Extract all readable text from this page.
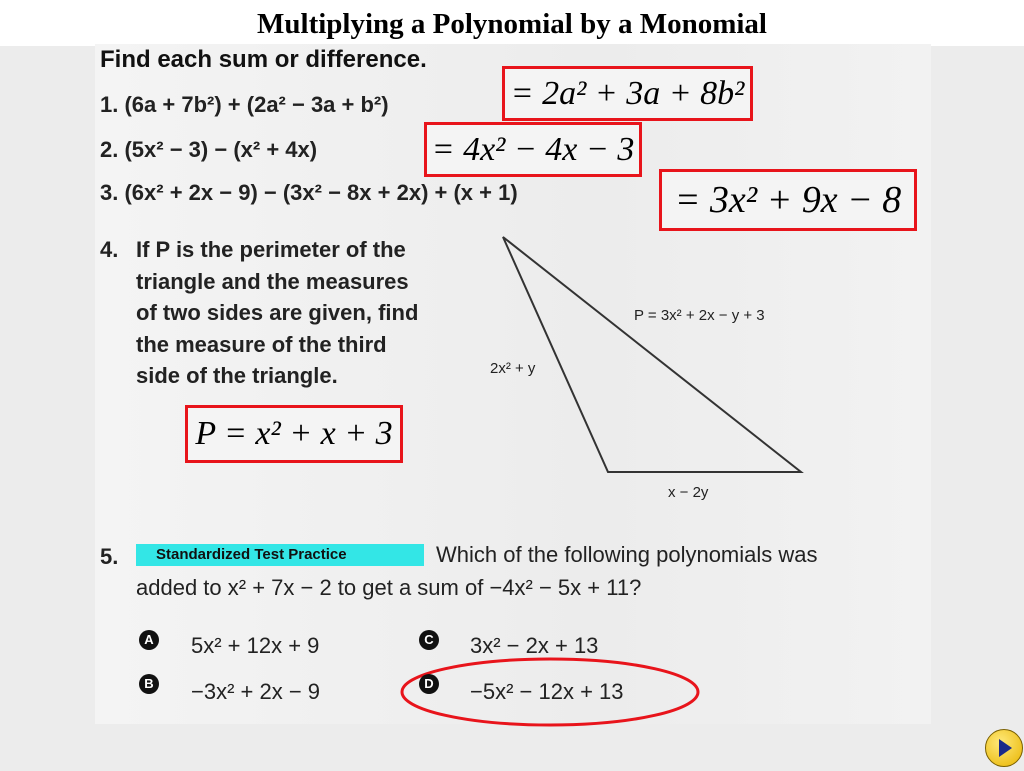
Multiplying a Polynomial by a Monomial
Find each sum or difference.
1. (6a + 7b²) + (2a² − 3a + b²)
2. (5x² − 3) − (x² + 4x)
3. (6x² + 2x − 9) − (3x² − 8x + 2x) + (x + 1)
= 2a² + 3a + 8b²
= 4x² − 4x − 3
= 3x² + 9x − 8
4. If P is the perimeter of the
triangle and the measures
of two sides are given, find
the measure of the third
side of the triangle.
P = x² + x + 3
P = 3x² + 2x − y + 3
2x² + y
x − 2y
5.	Standardized Test Practice	Which of the following polynomials was
added to x² + 7x − 2 to get a sum of −4x² − 5x + 11?
A 5x² + 12x + 9
B −3x² + 2x − 9
C 3x² − 2x + 13
D −5x² − 12x + 13
